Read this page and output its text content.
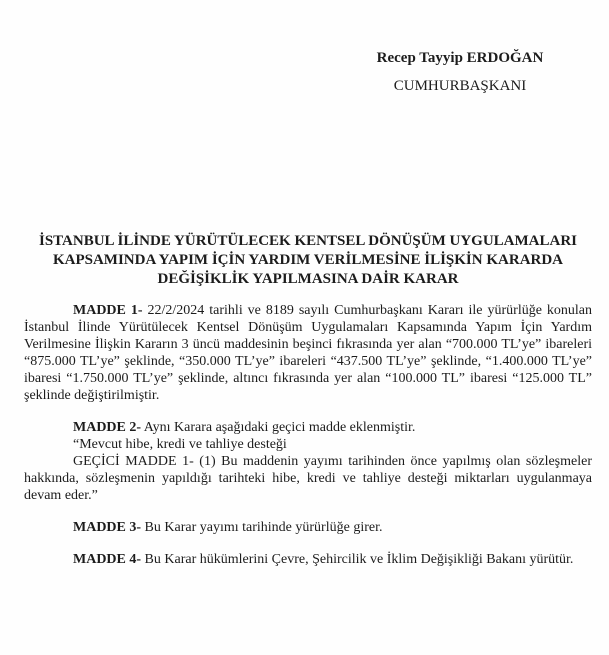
Recep Tayyip ERDOĞAN
CUMHURBAŞKANI
İSTANBUL İLİNDE YÜRÜTÜLECEK KENTSEL DÖNÜŞÜM UYGULAMALARI
KAPSAMINDA YAPIM İÇİN YARDIM VERİLMESİNE İLİŞKİN KARARDA
DEĞİŞİKLİK YAPILMASINA DAİR KARAR

MADDE 1- 22/2/2024 tarihli ve 8189 sayılı Cumhurbaşkanı Kararı ile yürürlüğe konulan İstanbul İlinde Yürütülecek Kentsel Dönüşüm Uygulamaları Kapsamında Yapım İçin Yardım Verilmesine İlişkin Kararın 3 üncü maddesinin beşinci fıkrasında yer alan “700.000 TL’ye” ibareleri “875.000 TL’ye” şeklinde, “350.000 TL’ye” ibareleri “437.500 TL’ye” şeklinde, “1.400.000 TL’ye” ibaresi “1.750.000 TL’ye” şeklinde, altıncı fıkrasında yer alan “100.000 TL” ibaresi “125.000 TL” şeklinde değiştirilmiştir.

MADDE 2- Aynı Karara aşağıdaki geçici madde eklenmiştir.

“Mevcut hibe, kredi ve tahliye desteği

GEÇİCİ MADDE 1- (1) Bu maddenin yayımı tarihinden önce yapılmış olan sözleşmeler hakkında, sözleşmenin yapıldığı tarihteki hibe, kredi ve tahliye desteği miktarları uygulanmaya devam eder.”

MADDE 3- Bu Karar yayımı tarihinde yürürlüğe girer.

MADDE 4- Bu Karar hükümlerini Çevre, Şehircilik ve İklim Değişikliği Bakanı yürütür.
